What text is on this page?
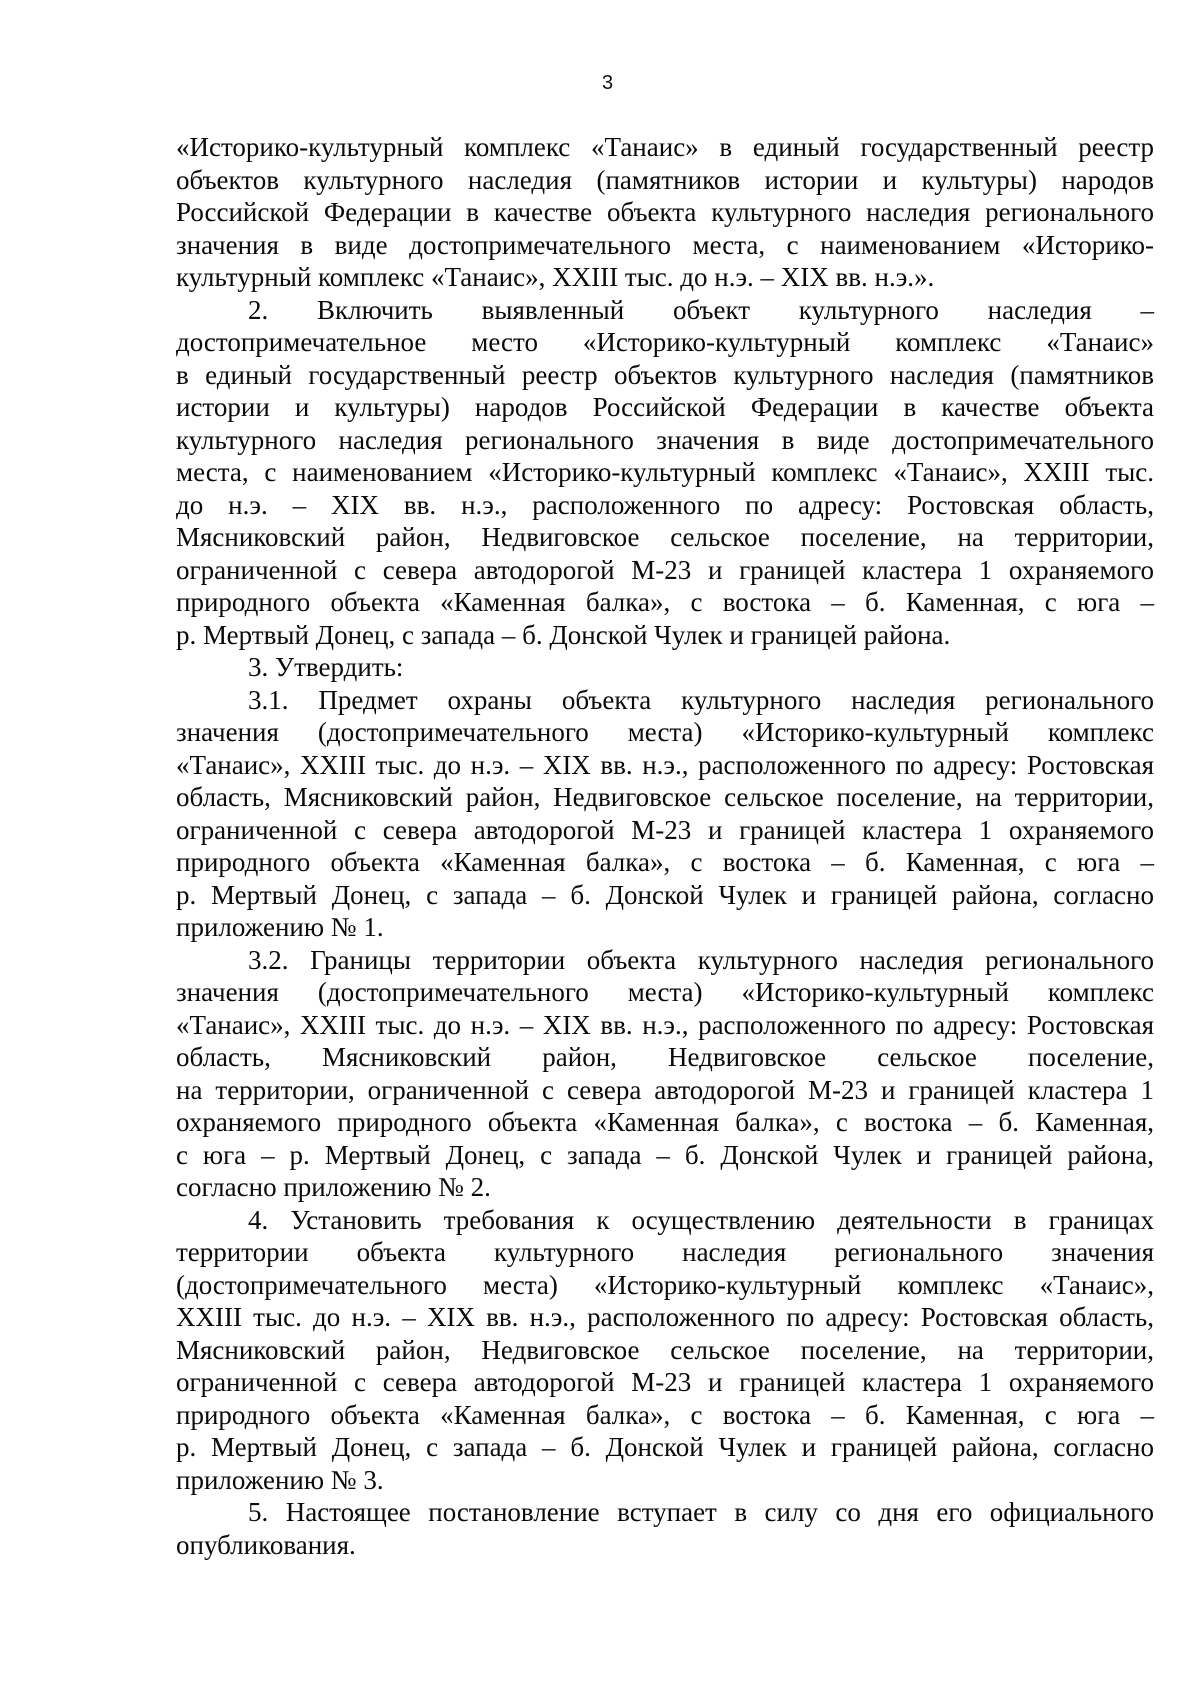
3
«Историко-культурный комплекс «Танаис» в единый государственный реестр
объектов культурного наследия (памятников истории и культуры) народов
Российской Федерации в качестве объекта культурного наследия регионального
значения в виде достопримечательного места, с наименованием «Историко-
культурный комплекс «Танаис», XXIII тыс. до н.э. – XIX вв. н.э.».
2. Включить выявленный объект культурного наследия –
достопримечательное место «Историко-культурный комплекс «Танаис»
в единый государственный реестр объектов культурного наследия (памятников
истории и культуры) народов Российской Федерации в качестве объекта
культурного наследия регионального значения в виде достопримечательного
места, с наименованием «Историко-культурный комплекс «Танаис», XXIII тыс.
до н.э. – XIX вв. н.э., расположенного по адресу: Ростовская область,
Мясниковский район, Недвиговское сельское поселение, на территории,
ограниченной с севера автодорогой М-23 и границей кластера 1 охраняемого
природного объекта «Каменная балка», с востока – б. Каменная, с юга –
р. Мертвый Донец, с запада – б. Донской Чулек и границей района.
3. Утвердить:
3.1. Предмет охраны объекта культурного наследия регионального
значения (достопримечательного места) «Историко-культурный комплекс
«Танаис», XXIII тыс. до н.э. – XIX вв. н.э., расположенного по адресу: Ростовская
область, Мясниковский район, Недвиговское сельское поселение, на территории,
ограниченной с севера автодорогой М-23 и границей кластера 1 охраняемого
природного объекта «Каменная балка», с востока – б. Каменная, с юга –
р. Мертвый Донец, с запада – б. Донской Чулек и границей района, согласно
приложению № 1.
3.2. Границы территории объекта культурного наследия регионального
значения (достопримечательного места) «Историко-культурный комплекс
«Танаис», XXIII тыс. до н.э. – XIX вв. н.э., расположенного по адресу: Ростовская
область, Мясниковский район, Недвиговское сельское поселение,
на территории, ограниченной с севера автодорогой М-23 и границей кластера 1
охраняемого природного объекта «Каменная балка», с востока – б. Каменная,
с юга – р. Мертвый Донец, с запада – б. Донской Чулек и границей района,
согласно приложению № 2.
4. Установить требования к осуществлению деятельности в границах
территории объекта культурного наследия регионального значения
(достопримечательного места) «Историко-культурный комплекс «Танаис»,
XXIII тыс. до н.э. – XIX вв. н.э., расположенного по адресу: Ростовская область,
Мясниковский район, Недвиговское сельское поселение, на территории,
ограниченной с севера автодорогой М-23 и границей кластера 1 охраняемого
природного объекта «Каменная балка», с востока – б. Каменная, с юга –
р. Мертвый Донец, с запада – б. Донской Чулек и границей района, согласно
приложению № 3.
5. Настоящее постановление вступает в силу со дня его официального
опубликования.
